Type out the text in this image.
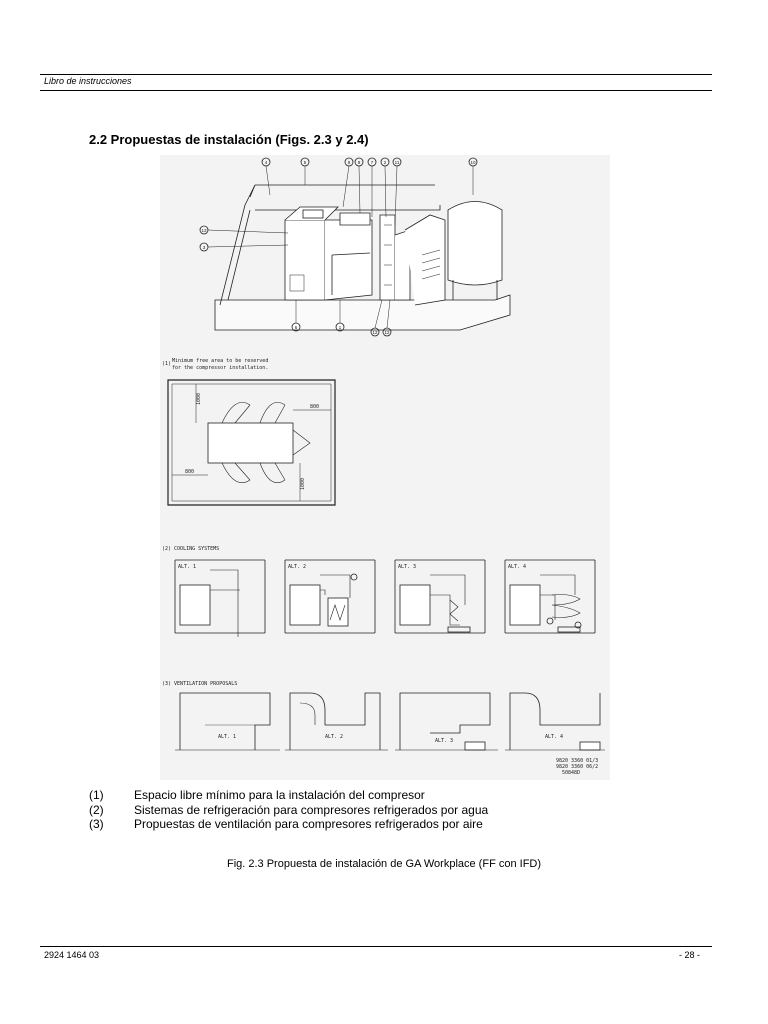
Libro de instrucciones
2.2 Propuestas de instalación (Figs. 2.3 y 2.4)
4	5	8 9 7 2 11	10
13
3
6	1
12 12
(1) Minimum free area to be reserved
for the compressor installation.
1000
800
800
1000
(2) COOLING SYSTEMS
ALT. 1	ALT. 2	ALT. 3	ALT. 4
(3) VENTILATION PROPOSALS
ALT. 1	ALT. 2
ALT. 3
ALT. 4
9820 3360 01/3
9820 3360 06/2
50848D
(1)	Espacio libre mínimo para la instalación del compresor
(2)	Sistemas de refrigeración para compresores refrigerados por agua
(3)	Propuestas de ventilación para compresores refrigerados por aire
Fig. 2.3 Propuesta de instalación de GA Workplace (FF con IFD)
2924 1464 03	- 28 -
